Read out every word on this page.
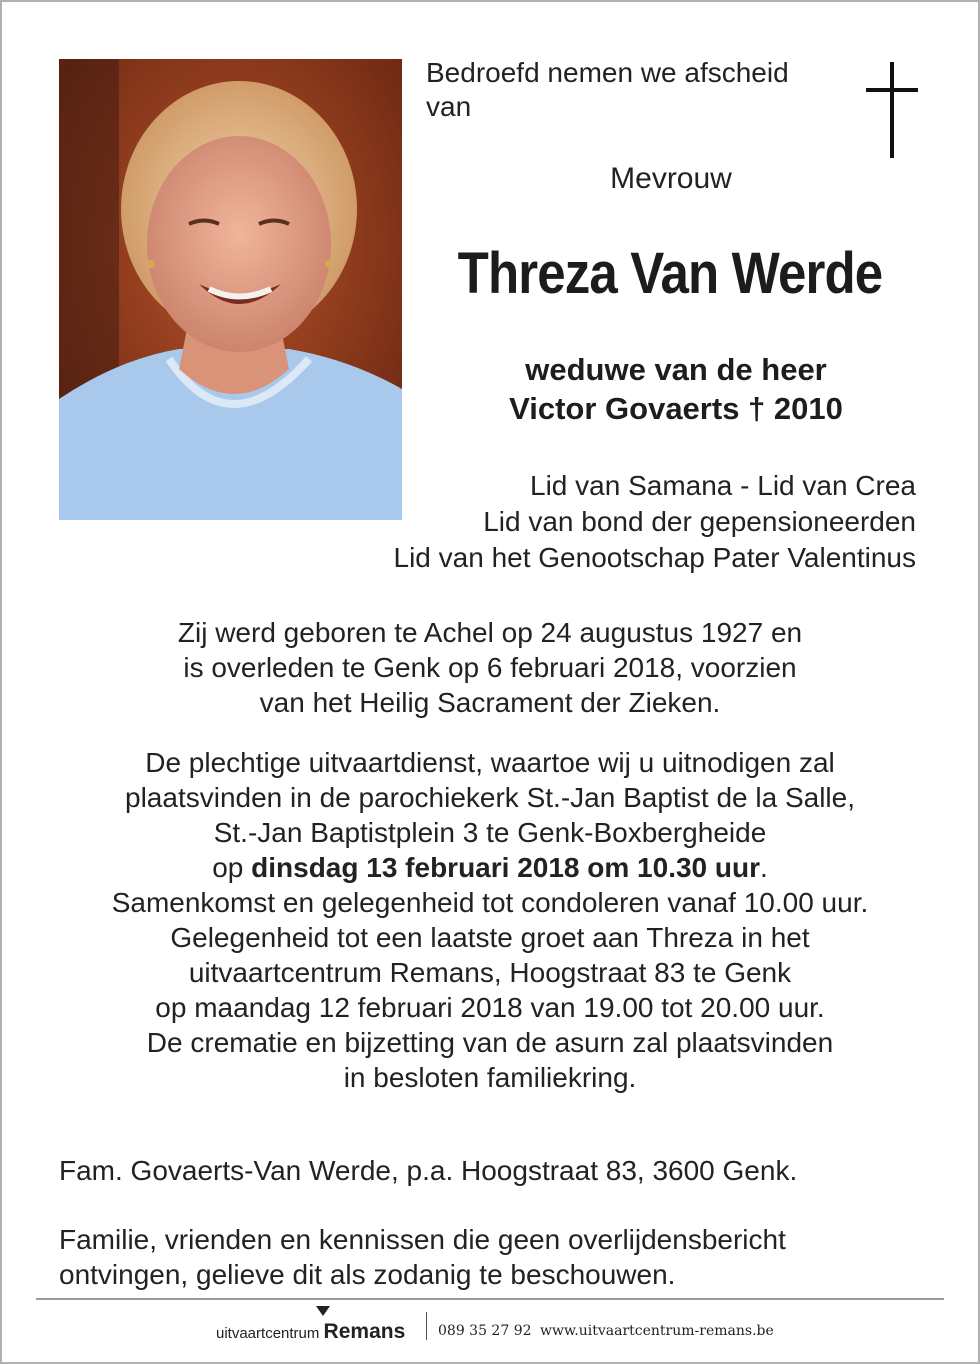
Bedroefd nemen we afscheid
van
Mevrouw
Threza Van Werde
weduwe van de heer
Victor Govaerts † 2010
Lid van Samana - Lid van Crea
Lid van bond der gepensioneerden
Lid van het Genootschap Pater Valentinus
Zij werd geboren te Achel op 24 augustus 1927 en
is overleden te Genk op 6 februari 2018, voorzien
van het Heilig Sacrament der Zieken.
De plechtige uitvaartdienst, waartoe wij u uitnodigen zal
plaatsvinden in de parochiekerk St.-Jan Baptist de la Salle,
St.-Jan Baptistplein 3 te Genk-Boxbergheide
op dinsdag 13 februari 2018 om 10.30 uur.
Samenkomst en gelegenheid tot condoleren vanaf 10.00 uur.
Gelegenheid tot een laatste groet aan Threza in het
uitvaartcentrum Remans, Hoogstraat 83 te Genk
op maandag 12 februari 2018 van 19.00 tot 20.00 uur.
De crematie en bijzetting van de asurn zal plaatsvinden
in besloten familiekring.
Fam. Govaerts-Van Werde, p.a. Hoogstraat 83, 3600 Genk.
Familie, vrienden en kennissen die geen overlijdensbericht
ontvingen, gelieve dit als zodanig te beschouwen.
uitvaartcentrum Remans 089 35 27 92 www.uitvaartcentrum-remans.be
